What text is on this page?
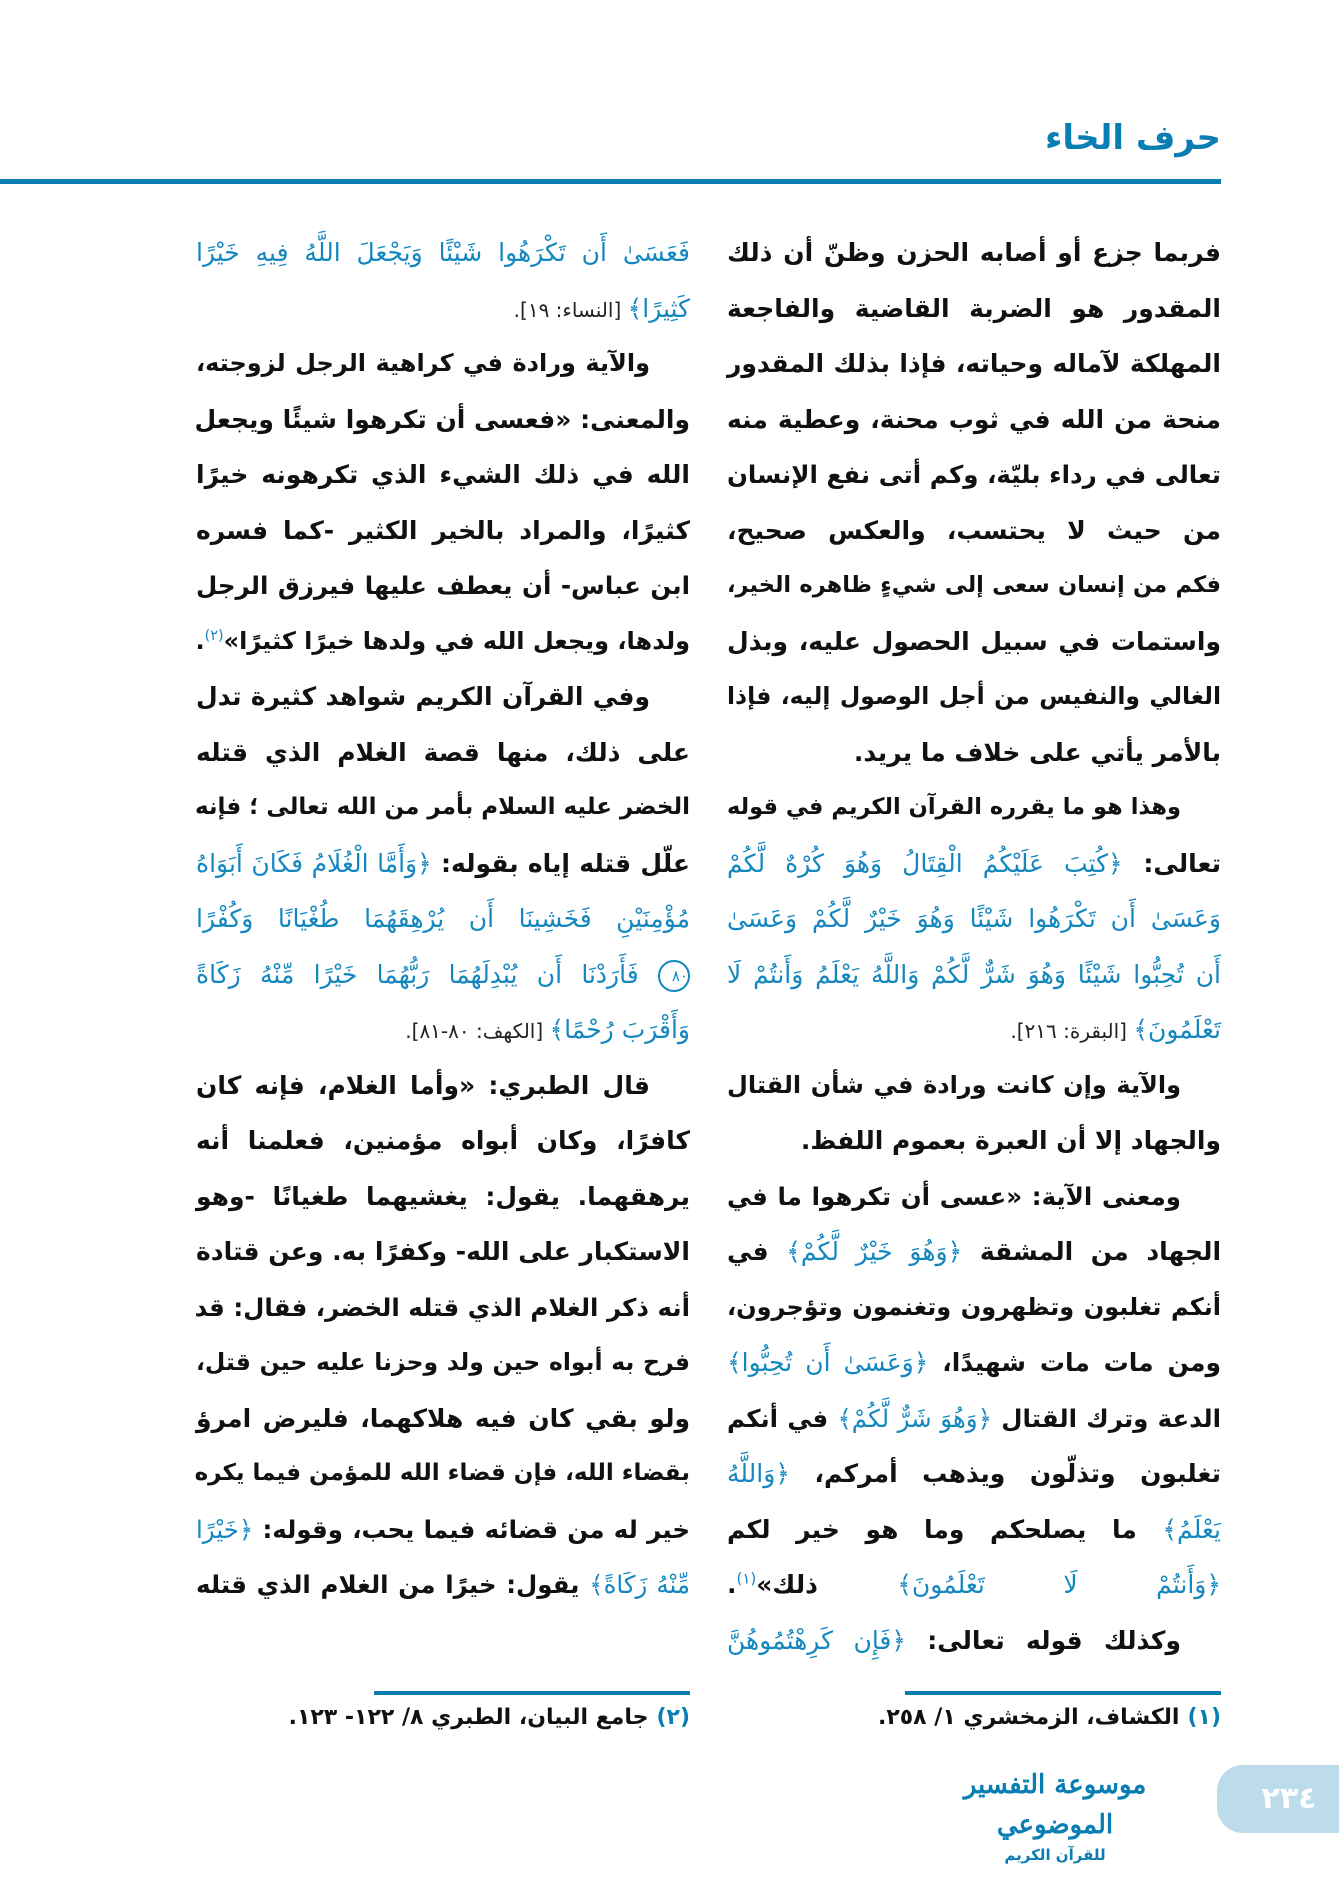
حرف الخاء
فربما جزع أو أصابه الحزن وظنّ أن ذلك
المقدور هو الضربة القاضية والفاجعة
المهلكة لآماله وحياته، فإذا بذلك المقدور
منحة من الله في ثوب محنة، وعطية منه
تعالى في رداء بليّة، وكم أتى نفع الإنسان
من حيث لا يحتسب، والعكس صحيح،
فكم من إنسان سعى إلى شيءٍ ظاهره الخير،
واستمات في سبيل الحصول عليه، وبذل
الغالي والنفيس من أجل الوصول إليه، فإذا
بالأمر يأتي على خلاف ما يريد.
وهذا هو ما يقرره القرآن الكريم في قوله
تعالى: ﴿كُتِبَ عَلَيْكُمُ الْقِتَالُ وَهُوَ كُرْهٌ لَّكُمْ
وَعَسَىٰ أَن تَكْرَهُوا شَيْئًا وَهُوَ خَيْرٌ لَّكُمْ وَعَسَىٰ
أَن تُحِبُّوا شَيْئًا وَهُوَ شَرٌّ لَّكُمْ وَاللَّهُ يَعْلَمُ وَأَنتُمْ لَا
تَعْلَمُونَ﴾ [البقرة: ٢١٦].
والآية وإن كانت ورادة في شأن القتال
والجهاد إلا أن العبرة بعموم اللفظ.
ومعنى الآية: «عسى أن تكرهوا ما في
الجهاد من المشقة ﴿وَهُوَ خَيْرٌ لَّكُمْ﴾ في
أنكم تغلبون وتظهرون وتغنمون وتؤجرون،
ومن مات مات شهيدًا، ﴿وَعَسَىٰ أَن تُحِبُّوا﴾
الدعة وترك القتال ﴿وَهُوَ شَرٌّ لَّكُمْ﴾ في أنكم
تغلبون وتذلّون ويذهب أمركم، ﴿وَاللَّهُ
يَعْلَمُ﴾ ما يصلحكم وما هو خير لكم
﴿وَأَنتُمْ لَا تَعْلَمُونَ﴾ ذلك»$^{(١)}$.
وكذلك قوله تعالى: ﴿فَإِن كَرِهْتُمُوهُنَّ
فَعَسَىٰ أَن تَكْرَهُوا شَيْئًا وَيَجْعَلَ اللَّهُ فِيهِ خَيْرًا
كَثِيرًا﴾ [النساء: ١٩].
والآية ورادة في كراهية الرجل لزوجته،
والمعنى: «فعسى أن تكرهوا شيئًا ويجعل
الله في ذلك الشيء الذي تكرهونه خيرًا
كثيرًا، والمراد بالخير الكثير -كما فسره
ابن عباس- أن يعطف عليها فيرزق الرجل
ولدها، ويجعل الله في ولدها خيرًا كثيرًا»$^{(٢)}$.
وفي القرآن الكريم شواهد كثيرة تدل
على ذلك، منها قصة الغلام الذي قتله
الخضر عليه السلام بأمر من الله تعالى ؛ فإنه
علّل قتله إياه بقوله: ﴿وَأَمَّا الْغُلَامُ فَكَانَ أَبَوَاهُ
مُؤْمِنَيْنِ فَخَشِينَا أَن يُرْهِقَهُمَا طُغْيَانًا وَكُفْرًا
٨٠ فَأَرَدْنَا أَن يُبْدِلَهُمَا رَبُّهُمَا خَيْرًا مِّنْهُ زَكَاةً
وَأَقْرَبَ رُحْمًا﴾ [الكهف: ٨٠-٨١].
قال الطبري: «وأما الغلام، فإنه كان
كافرًا، وكان أبواه مؤمنين، فعلمنا أنه
يرهقهما. يقول: يغشيهما طغيانًا -وهو
الاستكبار على الله- وكفرًا به. وعن قتادة
أنه ذكر الغلام الذي قتله الخضر، فقال: قد
فرح به أبواه حين ولد وحزنا عليه حين قتل،
ولو بقي كان فيه هلاكهما، فليرض امرؤ
بقضاء الله، فإن قضاء الله للمؤمن فيما يكره
خير له من قضائه فيما يحب، وقوله: ﴿خَيْرًا
مِّنْهُ زَكَاةً﴾ يقول: خيرًا من الغلام الذي قتله
(١)الكشاف، الزمخشري ١/ ٢٥٨.
(٢)جامع البيان، الطبري ٨/ ١٢٢- ١٢٣.
موسوعة التفسير الموضوعي
للقرآن الكريم
٢٣٤
